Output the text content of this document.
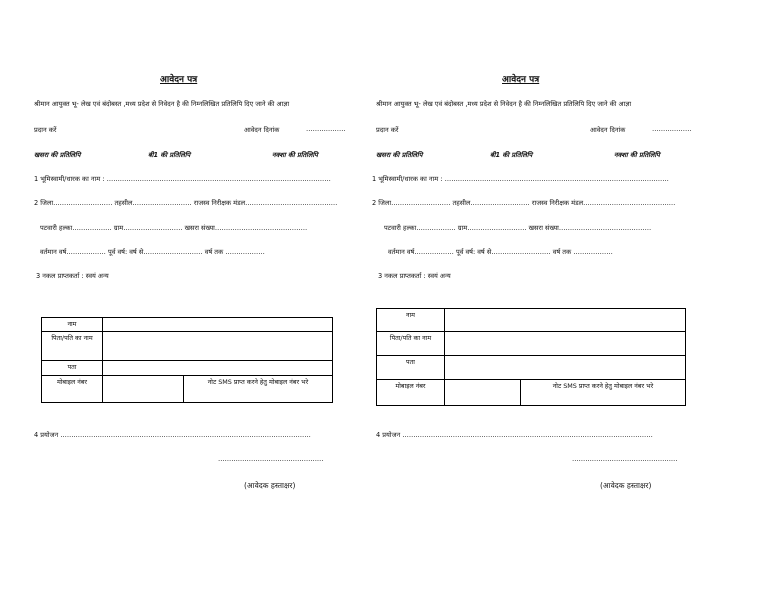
आवेदन पत्र
श्रीमान आयुक्त भू- लेख एवं बंदोबस्त ,मध्य प्रदेश से निवेदन है की निम्नलिखित प्रतिलिपि दिए जाने की आज्ञा
प्रदान करें	आवेदन दिनांक	………………
खसरा की प्रतिलिपि	बी1 की प्रतिलिपि	नक्शा की प्रतिलिपि
1 भूमिस्वामी/धारक का नाम : …………………………………………………………………………………………
2 जिला……………………… तहसील……………………… राजस्व निरीक्षक मंडल……………………………………
पटवारी हल्का……………… ग्राम……………………… खसरा संख्या……………………………………
वर्तमान वर्ष……………… पूर्व वर्ष: वर्ष से……………………… वर्ष तक ………………
3 नकल प्राप्तकर्ता : स्वयं अन्य
नाम		
पिता/पति का नाम		
पता		
मोबाइल नंबर		नोट SMS प्राप्त करने हेतु मोबाइल नंबर भरे
4 प्रयोजन ……………………………………………………………………………………………………
…………………………………………
(आवेदक हस्ताक्षर)
आवेदन पत्र
श्रीमान आयुक्त भू- लेख एवं बंदोबस्त ,मध्य प्रदेश से निवेदन है की निम्नलिखित प्रतिलिपि दिए जाने की आज्ञा
प्रदान करें	आवेदन दिनांक	………………
खसरा की प्रतिलिपि	बी1 की प्रतिलिपि	नक्शा की प्रतिलिपि
1 भूमिस्वामी/धारक का नाम : …………………………………………………………………………………………
2 जिला……………………… तहसील……………………… राजस्व निरीक्षक मंडल……………………………………
पटवारी हल्का……………… ग्राम……………………… खसरा संख्या……………………………………
वर्तमान वर्ष……………… पूर्व वर्ष: वर्ष से……………………… वर्ष तक ………………
3 नकल प्राप्तकर्ता : स्वयं अन्य
नाम		
पिता/पति का नाम		
पता		
मोबाइल नंबर		नोट SMS प्राप्त करने हेतु मोबाइल नंबर भरे
4 प्रयोजन ……………………………………………………………………………………………………
…………………………………………
(आवेदक हस्ताक्षर)
